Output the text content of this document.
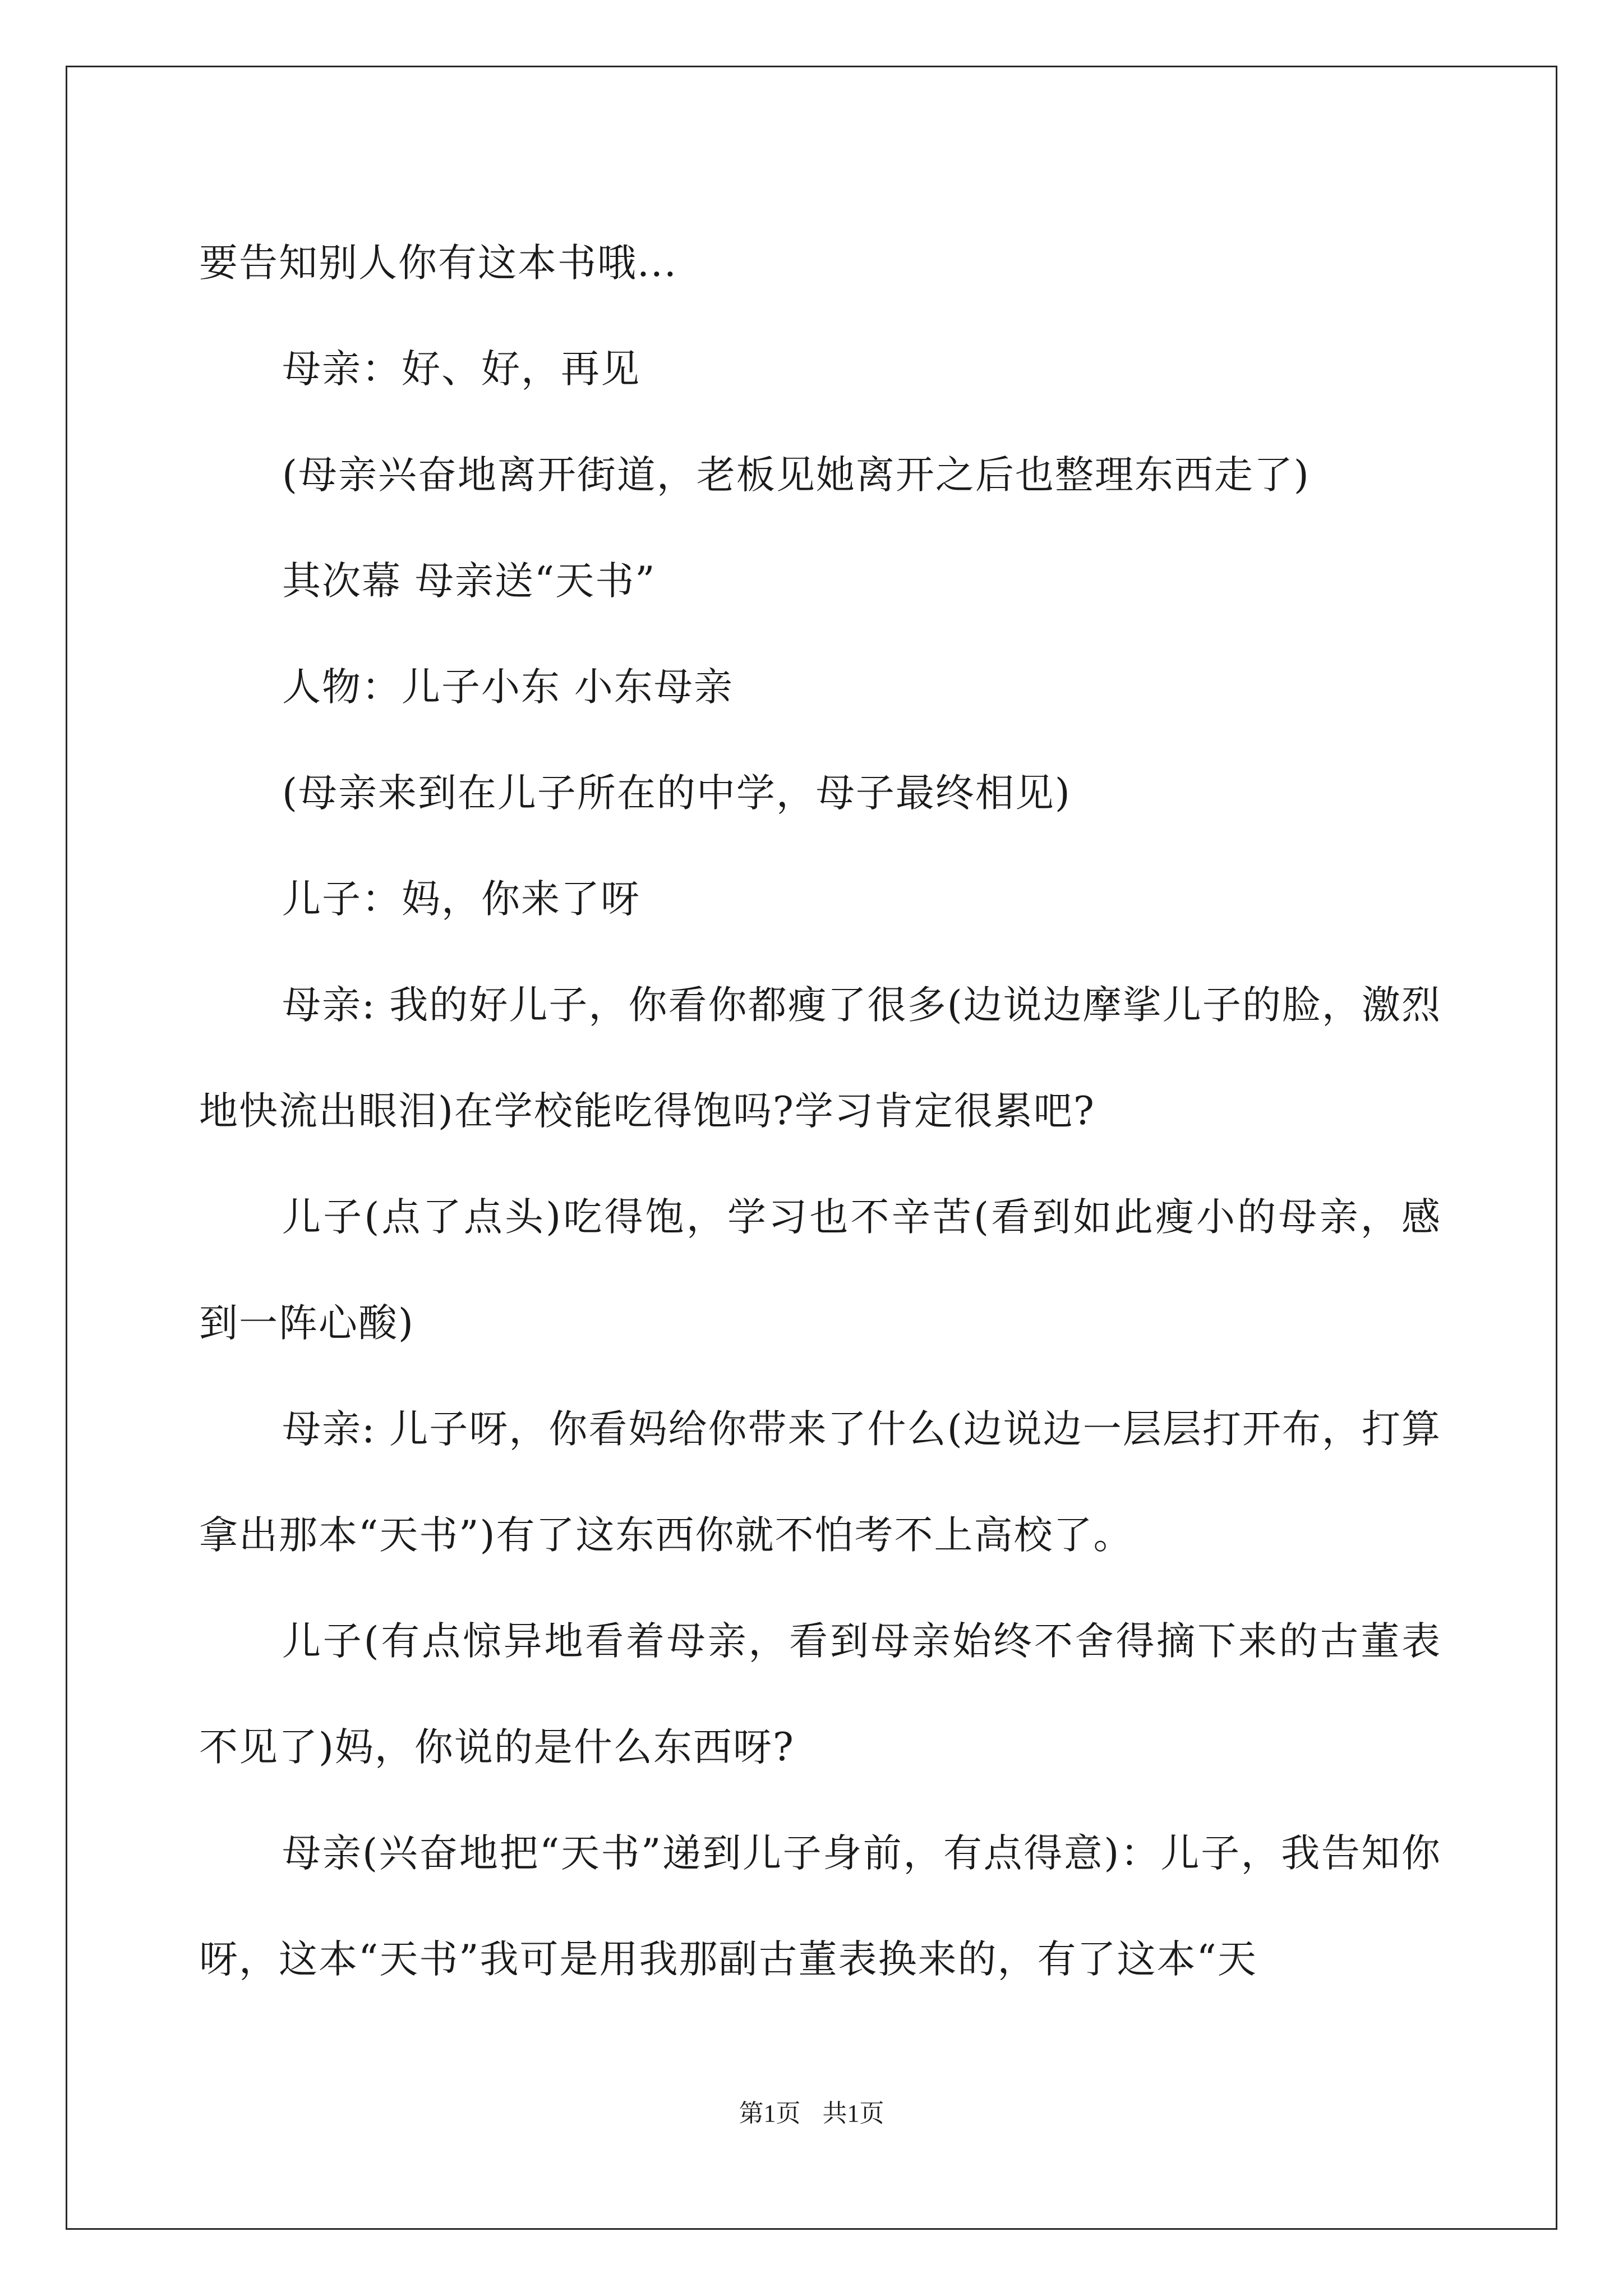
要告知别人你有这本书哦...

母亲：好、好，再见

(母亲兴奋地离开街道，老板见她离开之后也整理东西走了)

其次幕 母亲送“天书”

人物：儿子小东 小东母亲

(母亲来到在儿子所在的中学，母子最终相见)

儿子：妈，你来了呀

母亲: 我的好儿子，你看你都瘦了很多(边说边摩挲儿子的脸，激烈地快流出眼泪)在学校能吃得饱吗?学习肯定很累吧?

儿子(点了点头)吃得饱，学习也不辛苦(看到如此瘦小的母亲，感到一阵心酸)

母亲: 儿子呀，你看妈给你带来了什么(边说边一层层打开布，打算拿出那本“天书”)有了这东西你就不怕考不上高校了。

儿子(有点惊异地看着母亲，看到母亲始终不舍得摘下来的古董表不见了)妈，你说的是什么东西呀?

母亲(兴奋地把“天书”递到儿子身前，有点得意)：儿子，我告知你呀，这本“天书”我可是用我那副古董表换来的，有了这本“天

第1页 共1页
